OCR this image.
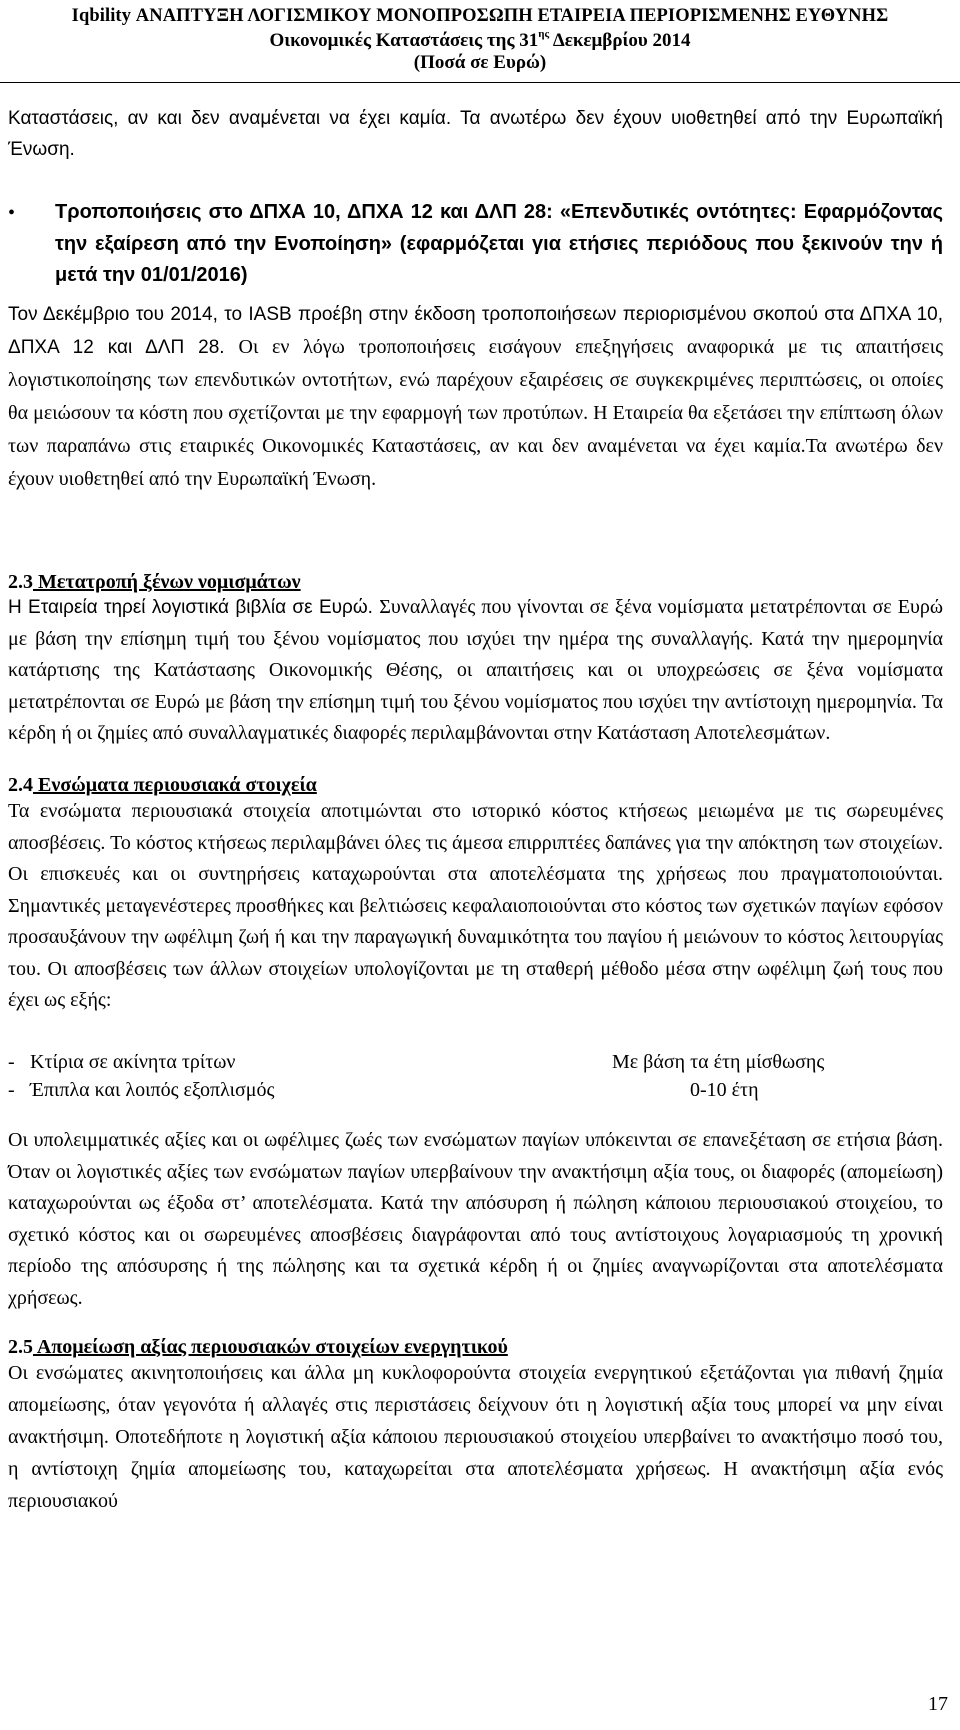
Iqbility ΑΝΑΠΤΥΞΗ ΛΟΓΙΣΜΙΚΟΥ ΜΟΝΟΠΡΟΣΩΠΗ ΕΤΑΙΡΕΙΑ ΠΕΡΙΟΡΙΣΜΕΝΗΣ ΕΥΘΥΝΗΣ
Οικονομικές Καταστάσεις της $31^{\eta\varsigma}$ Δεκεμβρίου 2014
(Ποσά σε Ευρώ)

Καταστάσεις, αν και δεν αναμένεται να έχει καμία. Τα ανωτέρω δεν έχουν υιοθετηθεί από την Ευρωπαϊκή Ένωση.

• Τροποποιήσεις στο ΔΠΧΑ 10, ΔΠΧΑ 12 και ΔΛΠ 28: «Επενδυτικές οντότητες: Εφαρμόζοντας την εξαίρεση από την Ενοποίηση» (εφαρμόζεται για ετήσιες περιόδους που ξεκινούν την ή μετά την 01/01/2016)

Τον Δεκέμβριο του 2014, το IASB προέβη στην έκδοση τροποποιήσεων περιορισμένου σκοπού στα ΔΠΧΑ 10, ΔΠΧΑ 12 και ΔΛΠ 28. Οι εν λόγω τροποποιήσεις εισάγουν επεξηγήσεις αναφορικά με τις απαιτήσεις λογιστικοποίησης των επενδυτικών οντοτήτων, ενώ παρέχουν εξαιρέσεις σε συγκεκριμένες περιπτώσεις, οι οποίες θα μειώσουν τα κόστη που σχετίζονται με την εφαρμογή των προτύπων. Η Εταιρεία θα εξετάσει την επίπτωση όλων των παραπάνω στις εταιρικές Οικονομικές Καταστάσεις, αν και δεν αναμένεται να έχει καμία.Τα ανωτέρω δεν έχουν υιοθετηθεί από την Ευρωπαϊκή Ένωση.

2.3 Μετατροπή ξένων νομισμάτων

Η Εταιρεία τηρεί λογιστικά βιβλία σε Ευρώ. Συναλλαγές που γίνονται σε ξένα νομίσματα μετατρέπονται σε Ευρώ με βάση την επίσημη τιμή του ξένου νομίσματος που ισχύει την ημέρα της συναλλαγής. Κατά την ημερομηνία κατάρτισης της Κατάστασης Οικονομικής Θέσης, οι απαιτήσεις και οι υποχρεώσεις σε ξένα νομίσματα μετατρέπονται σε Ευρώ με βάση την επίσημη τιμή του ξένου νομίσματος που ισχύει την αντίστοιχη ημερομηνία. Τα κέρδη ή οι ζημίες από συναλλαγματικές διαφορές περιλαμβάνονται στην Κατάσταση Αποτελεσμάτων.

2.4 Ενσώματα περιουσιακά στοιχεία

Τα ενσώματα περιουσιακά στοιχεία αποτιμώνται στο ιστορικό κόστος κτήσεως μειωμένα με τις σωρευμένες αποσβέσεις. Το κόστος κτήσεως περιλαμβάνει όλες τις άμεσα επιρριπτέες δαπάνες για την απόκτηση των στοιχείων. Οι επισκευές και οι συντηρήσεις καταχωρούνται στα αποτελέσματα της χρήσεως που πραγματοποιούνται. Σημαντικές μεταγενέστερες προσθήκες και βελτιώσεις κεφαλαιοποιούνται στο κόστος των σχετικών παγίων εφόσον προσαυξάνουν την ωφέλιμη ζωή ή και την παραγωγική δυναμικότητα του παγίου ή μειώνουν το κόστος λειτουργίας του. Οι αποσβέσεις των άλλων στοιχείων υπολογίζονται με τη σταθερή μέθοδο μέσα στην ωφέλιμη ζωή τους που έχει ως εξής:

- Κτίρια σε ακίνητα τρίτων	Με βάση τα έτη μίσθωσης
- Έπιπλα και λοιπός εξοπλισμός	0-10 έτη

Οι υπολειμματικές αξίες και οι ωφέλιμες ζωές των ενσώματων παγίων υπόκεινται σε επανεξέταση σε ετήσια βάση. Όταν οι λογιστικές αξίες των ενσώματων παγίων υπερβαίνουν την ανακτήσιμη αξία τους, οι διαφορές (απομείωση) καταχωρούνται ως έξοδα στ’ αποτελέσματα. Κατά την απόσυρση ή πώληση κάποιου περιουσιακού στοιχείου, το σχετικό κόστος και οι σωρευμένες αποσβέσεις διαγράφονται από τους αντίστοιχους λογαριασμούς τη χρονική περίοδο της απόσυρσης ή της πώλησης και τα σχετικά κέρδη ή οι ζημίες αναγνωρίζονται στα αποτελέσματα χρήσεως.

2.5 Απομείωση αξίας περιουσιακών στοιχείων ενεργητικού

Οι ενσώματες ακινητοποιήσεις και άλλα μη κυκλοφορούντα στοιχεία ενεργητικού εξετάζονται για πιθανή ζημία απομείωσης, όταν γεγονότα ή αλλαγές στις περιστάσεις δείχνουν ότι η λογιστική αξία τους μπορεί να μην είναι ανακτήσιμη. Οποτεδήποτε η λογιστική αξία κάποιου περιουσιακού στοιχείου υπερβαίνει το ανακτήσιμο ποσό του, η αντίστοιχη ζημία απομείωσης του, καταχωρείται στα αποτελέσματα χρήσεως. Η ανακτήσιμη αξία ενός περιουσιακού

17
